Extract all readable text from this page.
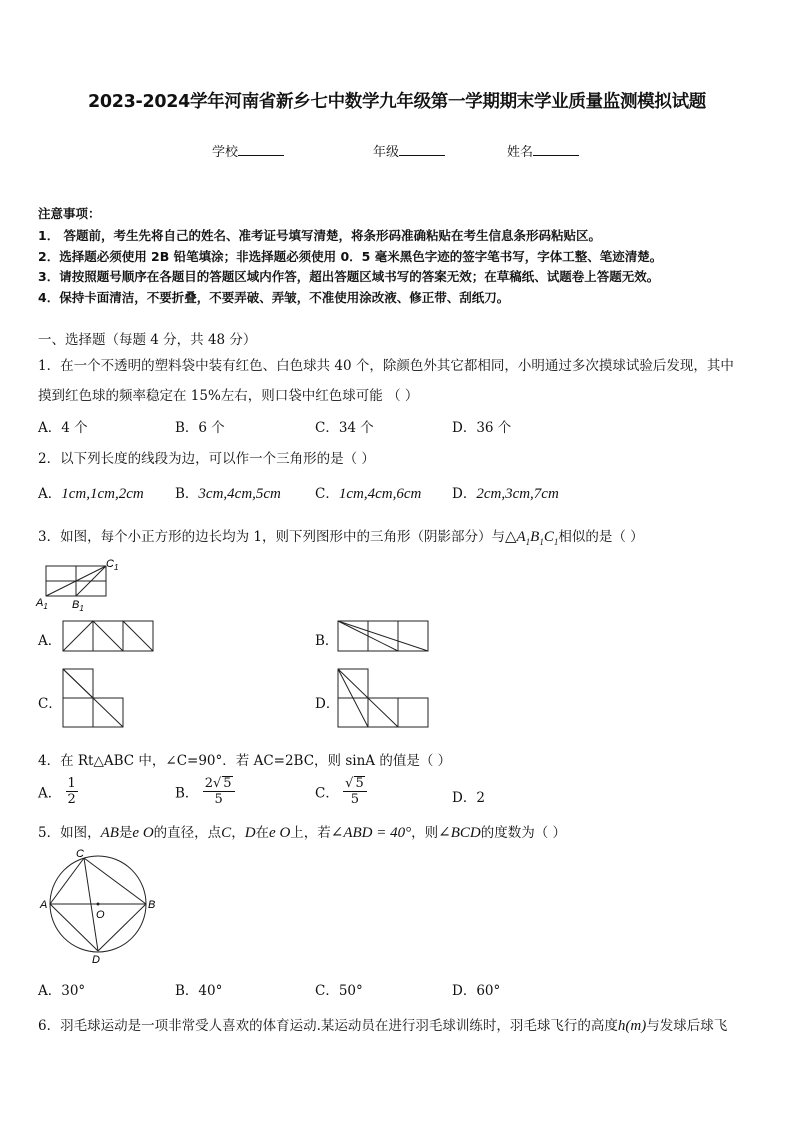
2023-2024学年河南省新乡七中数学九年级第一学期期末学业质量监测模拟试题
学校	年级	姓名
注意事项：
1． 答题前，考生先将自己的姓名、准考证号填写清楚，将条形码准确粘贴在考生信息条形码粘贴区。
2．选择题必须使用 2B 铅笔填涂；非选择题必须使用 0．5 毫米黑色字迹的签字笔书写，字体工整、笔迹清楚。
3．请按照题号顺序在各题目的答题区域内作答，超出答题区域书写的答案无效；在草稿纸、试题卷上答题无效。
4．保持卡面清洁，不要折叠，不要弄破、弄皱，不准使用涂改液、修正带、刮纸刀。
一、选择题（每题 4 分，共 48 分）
1．在一个不透明的塑料袋中装有红色、白色球共 40 个，除颜色外其它都相同，小明通过多次摸球试验后发现，其中
摸到红色球的频率稳定在 15%左右，则口袋中红色球可能 （ ）
A．4 个	B．6 个	C．34 个	D．36 个
2．以下列长度的线段为边，可以作一个三角形的是（ ）
A．1cm,1cm,2cm B．3cm,4cm,5cm	C．1cm,4cm,6cm D．2cm,3cm,7cm
3．如图，每个小正方形的边长均为 1，则下列图形中的三角形（阴影部分）与$\triangle A_1B_1C_1$相似的是（ ）
$A_1$ $B_1$
$C_1$
A．	B．
C．	D．
4．在 Rt△ABC 中，∠C=90°．若 AC=2BC，则 sinA 的值是（ ）
A． $\frac{1}{2}$	B． $\frac{2√ 5}{5}$	C． $\frac{√ 5}{5}$	D．2
5．如图，AB是e O的直径，点C，D在e O上，若∠ABD = 40°，则∠BCD的度数为（ ）
A	B
C
D
O
A．30°	B．40°	C．50°	D．60°
6．羽毛球运动是一项非常受人喜欢的体育运动.某运动员在进行羽毛球训练时，羽毛球飞行的高度h(m)与发球后球飞
